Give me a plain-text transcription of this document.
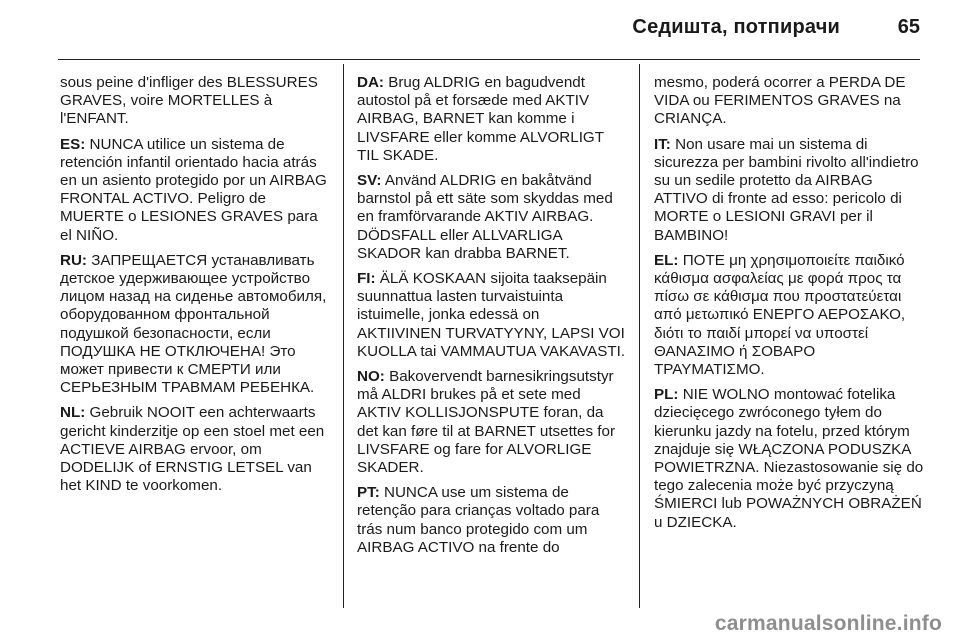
Седишта, потпирачи	65

sous peine d'infliger des BLESSURES GRAVES, voire MORTELLES à l'ENFANT.

ES: NUNCA utilice un sistema de retención infantil orientado hacia atrás en un asiento protegido por un AIRBAG FRONTAL ACTIVO. Peligro de MUERTE o LESIONES GRAVES para el NIÑO.

RU: ЗАПРЕЩАЕТСЯ устанавливать детское удерживающее устройство лицом назад на сиденье автомобиля, оборудованном фронтальной подушкой безопасности, если ПОДУШКА НЕ ОТКЛЮЧЕНА! Это может привести к СМЕРТИ или СЕРЬЕЗНЫМ ТРАВМАМ РЕБЕНКА.

NL: Gebruik NOOIT een achterwaarts gericht kinderzitje op een stoel met een ACTIEVE AIRBAG ervoor, om DODELIJK of ERNSTIG LETSEL van het KIND te voorkomen.

DA: Brug ALDRIG en bagudvendt autostol på et forsæde med AKTIV AIRBAG, BARNET kan komme i LIVSFARE eller komme ALVORLIGT TIL SKADE.

SV: Använd ALDRIG en bakåtvänd barnstol på ett säte som skyddas med en framförvarande AKTIV AIRBAG. DÖDSFALL eller ALLVARLIGA SKADOR kan drabba BARNET.

FI: ÄLÄ KOSKAAN sijoita taaksepäin suunnattua lasten turvaistuinta istuimelle, jonka edessä on AKTIIVINEN TURVATYYNY, LAPSI VOI KUOLLA tai VAMMAUTUA VAKAVASTI.

NO: Bakovervendt barnesikringsutstyr må ALDRI brukes på et sete med AKTIV KOLLISJONSPUTE foran, da det kan føre til at BARNET utsettes for LIVSFARE og fare for ALVORLIGE SKADER.

PT: NUNCA use um sistema de retenção para crianças voltado para trás num banco protegido com um AIRBAG ACTIVO na frente do

mesmo, poderá ocorrer a PERDA DE VIDA ou FERIMENTOS GRAVES na CRIANÇA.

IT: Non usare mai un sistema di sicurezza per bambini rivolto all'indietro su un sedile protetto da AIRBAG ATTIVO di fronte ad esso: pericolo di MORTE o LESIONI GRAVI per il BAMBINO!

EL: ΠΟΤΕ μη χρησιμοποιείτε παιδικό κάθισμα ασφαλείας με φορά προς τα πίσω σε κάθισμα που προστατεύεται από μετωπικό ΕΝΕΡΓΟ ΑΕΡΟΣΑΚΟ, διότι το παιδί μπορεί να υποστεί ΘΑΝΑΣΙΜΟ ή ΣΟΒΑΡΟ ΤΡΑΥΜΑΤΙΣΜΟ.

PL: NIE WOLNO montować fotelika dziecięcego zwróconego tyłem do kierunku jazdy na fotelu, przed którym znajduje się WŁĄCZONA PODUSZKA POWIETRZNA. Niezastosowanie się do tego zalecenia może być przyczyną ŚMIERCI lub POWAŻNYCH OBRAŻEŃ u DZIECKA.

carmanualsonline.info
